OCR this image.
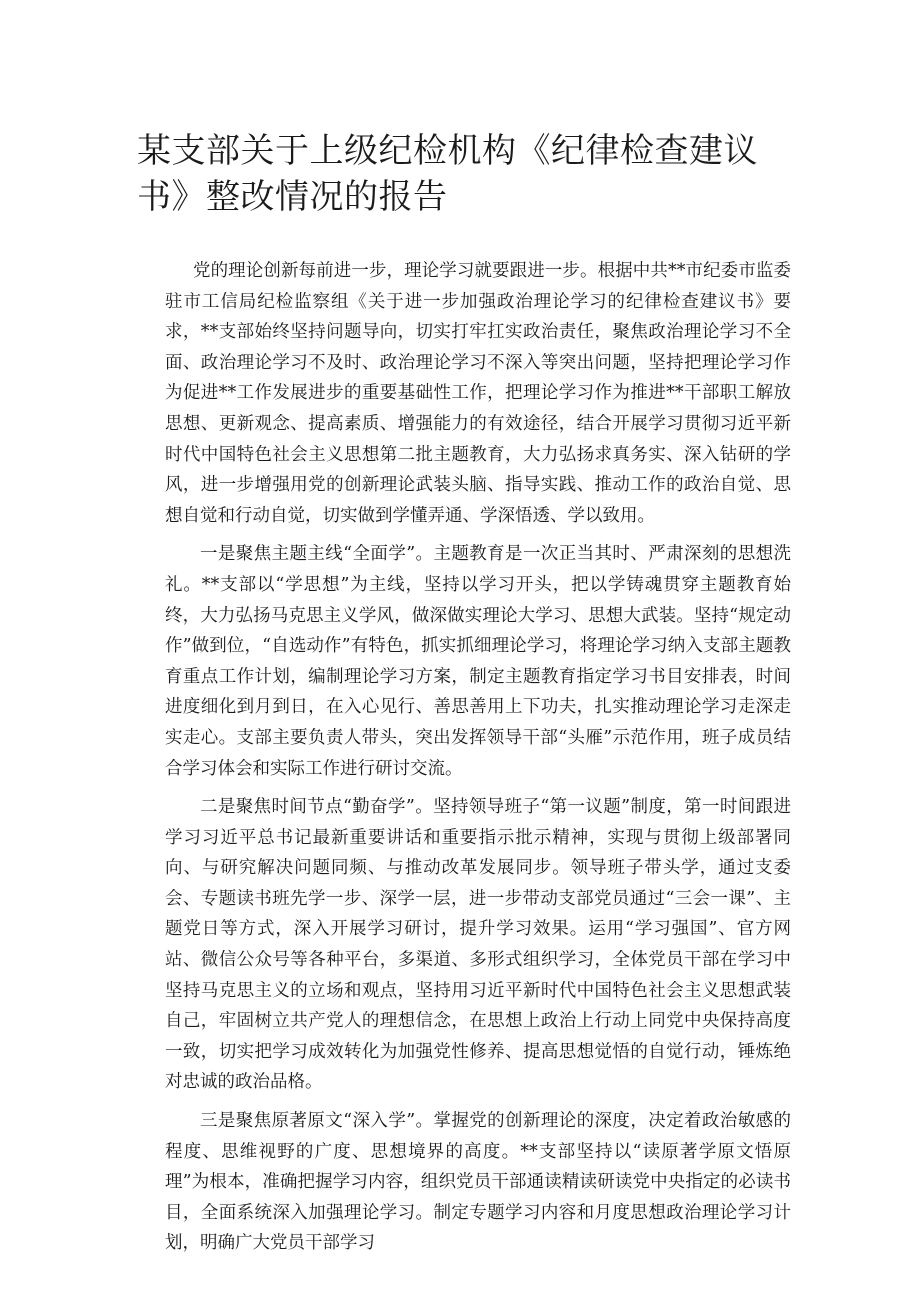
某支部关于上级纪检机构《纪律检查建议书》整改情况的报告

党的理论创新每前进一步，理论学习就要跟进一步。根据中共**市纪委市监委驻市工信局纪检监察组《关于进一步加强政治理论学习的纪律检查建议书》要求，**支部始终坚持问题导向，切实打牢扛实政治责任，聚焦政治理论学习不全面、政治理论学习不及时、政治理论学习不深入等突出问题，坚持把理论学习作为促进**工作发展进步的重要基础性工作，把理论学习作为推进**干部职工解放思想、更新观念、提高素质、增强能力的有效途径，结合开展学习贯彻习近平新时代中国特色社会主义思想第二批主题教育，大力弘扬求真务实、深入钻研的学风，进一步增强用党的创新理论武装头脑、指导实践、推动工作的政治自觉、思想自觉和行动自觉，切实做到学懂弄通、学深悟透、学以致用。

一是聚焦主题主线“全面学”。主题教育是一次正当其时、严肃深刻的思想洗礼。**支部以“学思想”为主线，坚持以学习开头，把以学铸魂贯穿主题教育始终，大力弘扬马克思主义学风，做深做实理论大学习、思想大武装。坚持“规定动作”做到位，“自选动作”有特色，抓实抓细理论学习，将理论学习纳入支部主题教育重点工作计划，编制理论学习方案，制定主题教育指定学习书目安排表，时间进度细化到月到日，在入心见行、善思善用上下功夫，扎实推动理论学习走深走实走心。支部主要负责人带头，突出发挥领导干部“头雁”示范作用，班子成员结合学习体会和实际工作进行研讨交流。

二是聚焦时间节点“勤奋学”。坚持领导班子“第一议题”制度，第一时间跟进学习习近平总书记最新重要讲话和重要指示批示精神，实现与贯彻上级部署同向、与研究解决问题同频、与推动改革发展同步。领导班子带头学，通过支委会、专题读书班先学一步、深学一层，进一步带动支部党员通过“三会一课”、主题党日等方式，深入开展学习研讨，提升学习效果。运用“学习强国”、官方网站、微信公众号等各种平台，多渠道、多形式组织学习，全体党员干部在学习中坚持马克思主义的立场和观点，坚持用习近平新时代中国特色社会主义思想武装自己，牢固树立共产党人的理想信念，在思想上政治上行动上同党中央保持高度一致，切实把学习成效转化为加强党性修养、提高思想觉悟的自觉行动，锤炼绝对忠诚的政治品格。

三是聚焦原著原文“深入学”。掌握党的创新理论的深度，决定着政治敏感的程度、思维视野的广度、思想境界的高度。**支部坚持以“读原著学原文悟原理”为根本，准确把握学习内容，组织党员干部通读精读研读党中央指定的必读书目，全面系统深入加强理论学习。制定专题学习内容和月度思想政治理论学习计划，明确广大党员干部学习
